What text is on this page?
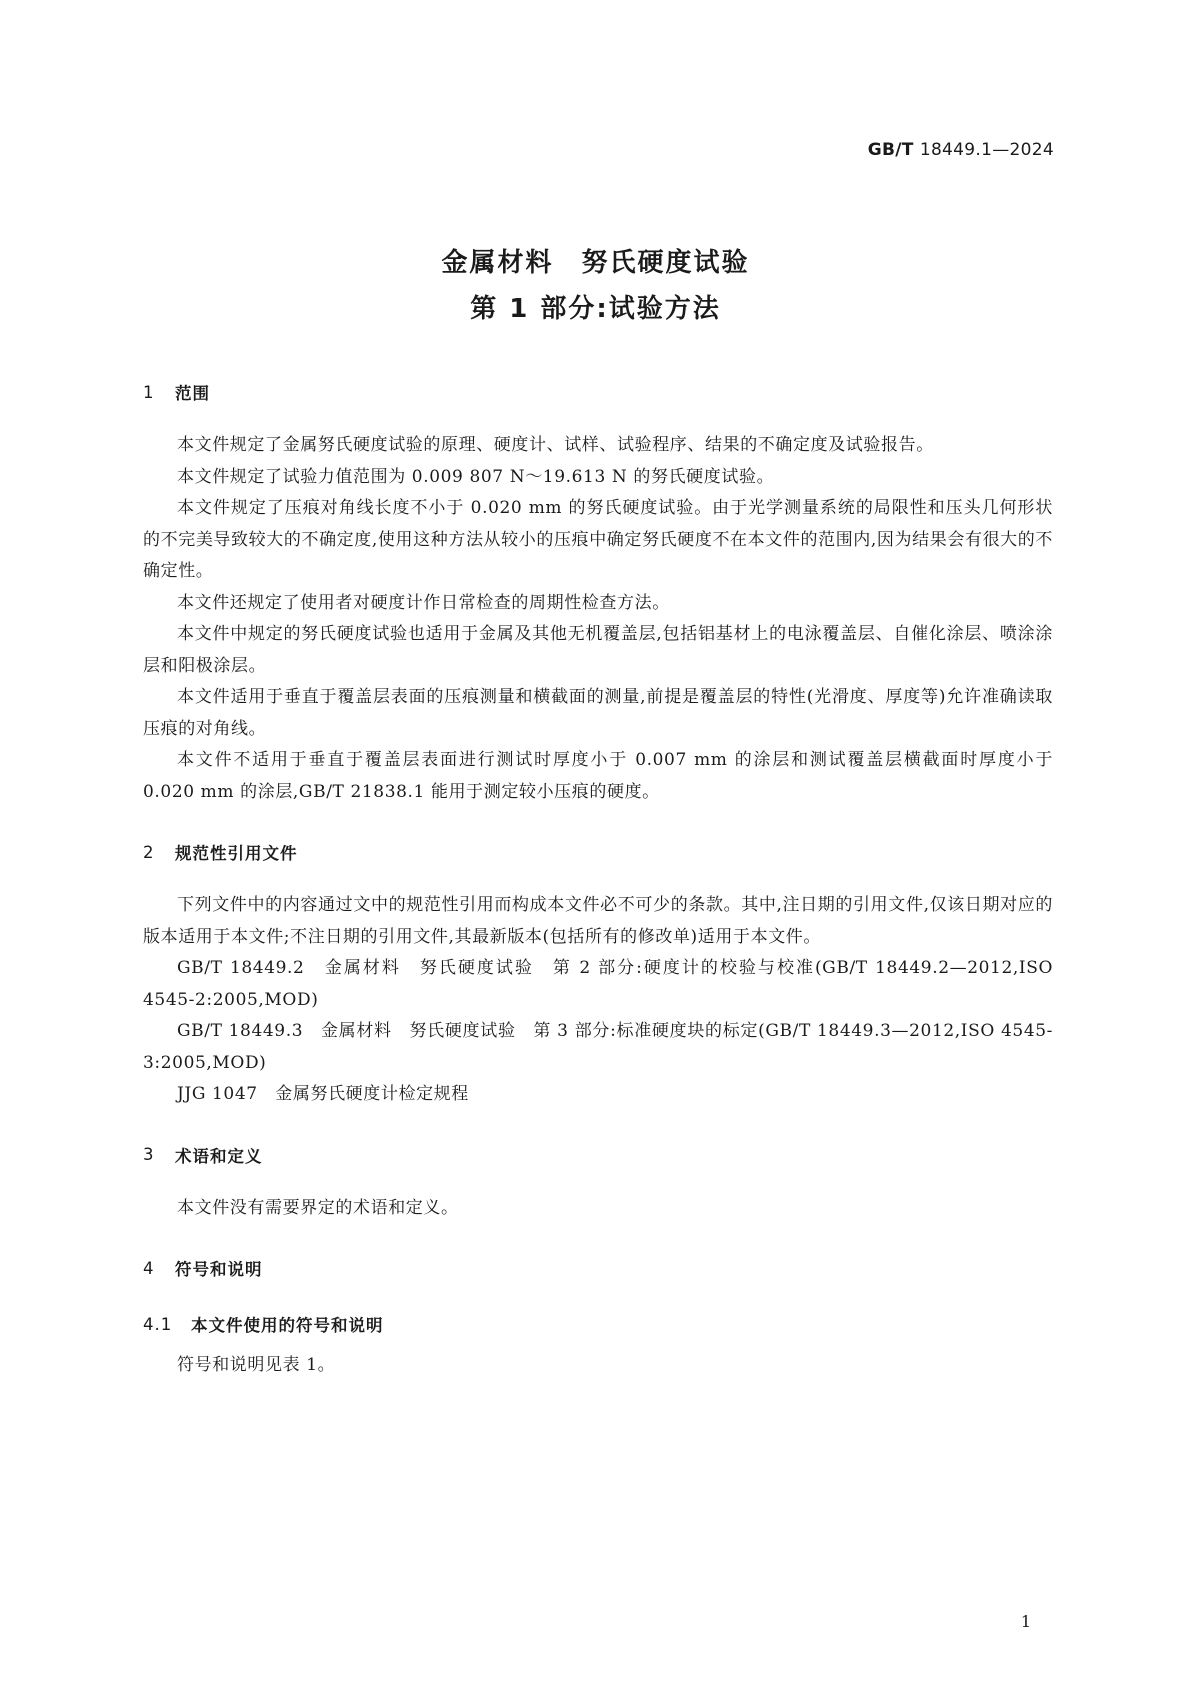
GB/T 18449.1—2024
金属材料　努氏硬度试验
第 1 部分:试验方法
1	范围

本文件规定了金属努氏硬度试验的原理、硬度计、试样、试验程序、结果的不确定度及试验报告。

本文件规定了试验力值范围为 0.009 807 N～19.613 N 的努氏硬度试验。

本文件规定了压痕对角线长度不小于 0.020 mm 的努氏硬度试验。由于光学测量系统的局限性和压头几何形状的不完美导致较大的不确定度,使用这种方法从较小的压痕中确定努氏硬度不在本文件的范围内,因为结果会有很大的不确定性。

本文件还规定了使用者对硬度计作日常检查的周期性检查方法。

本文件中规定的努氏硬度试验也适用于金属及其他无机覆盖层,包括铝基材上的电泳覆盖层、自催化涂层、喷涂涂层和阳极涂层。

本文件适用于垂直于覆盖层表面的压痕测量和横截面的测量,前提是覆盖层的特性(光滑度、厚度等)允许准确读取压痕的对角线。

本文件不适用于垂直于覆盖层表面进行测试时厚度小于 0.007 mm 的涂层和测试覆盖层横截面时厚度小于 0.020 mm 的涂层,GB/T 21838.1 能用于测定较小压痕的硬度。

2	规范性引用文件

下列文件中的内容通过文中的规范性引用而构成本文件必不可少的条款。其中,注日期的引用文件,仅该日期对应的版本适用于本文件;不注日期的引用文件,其最新版本(包括所有的修改单)适用于本文件。

GB/T 18449.2　金属材料　努氏硬度试验　第 2 部分:硬度计的校验与校准(GB/T 18449.2—2012,ISO 4545-2:2005,MOD)

GB/T 18449.3　金属材料　努氏硬度试验　第 3 部分:标准硬度块的标定(GB/T 18449.3—2012,ISO 4545-3:2005,MOD)

JJG 1047　金属努氏硬度计检定规程

3	术语和定义

本文件没有需要界定的术语和定义。

4	符号和说明
4.1	本文件使用的符号和说明

符号和说明见表 1。

1
